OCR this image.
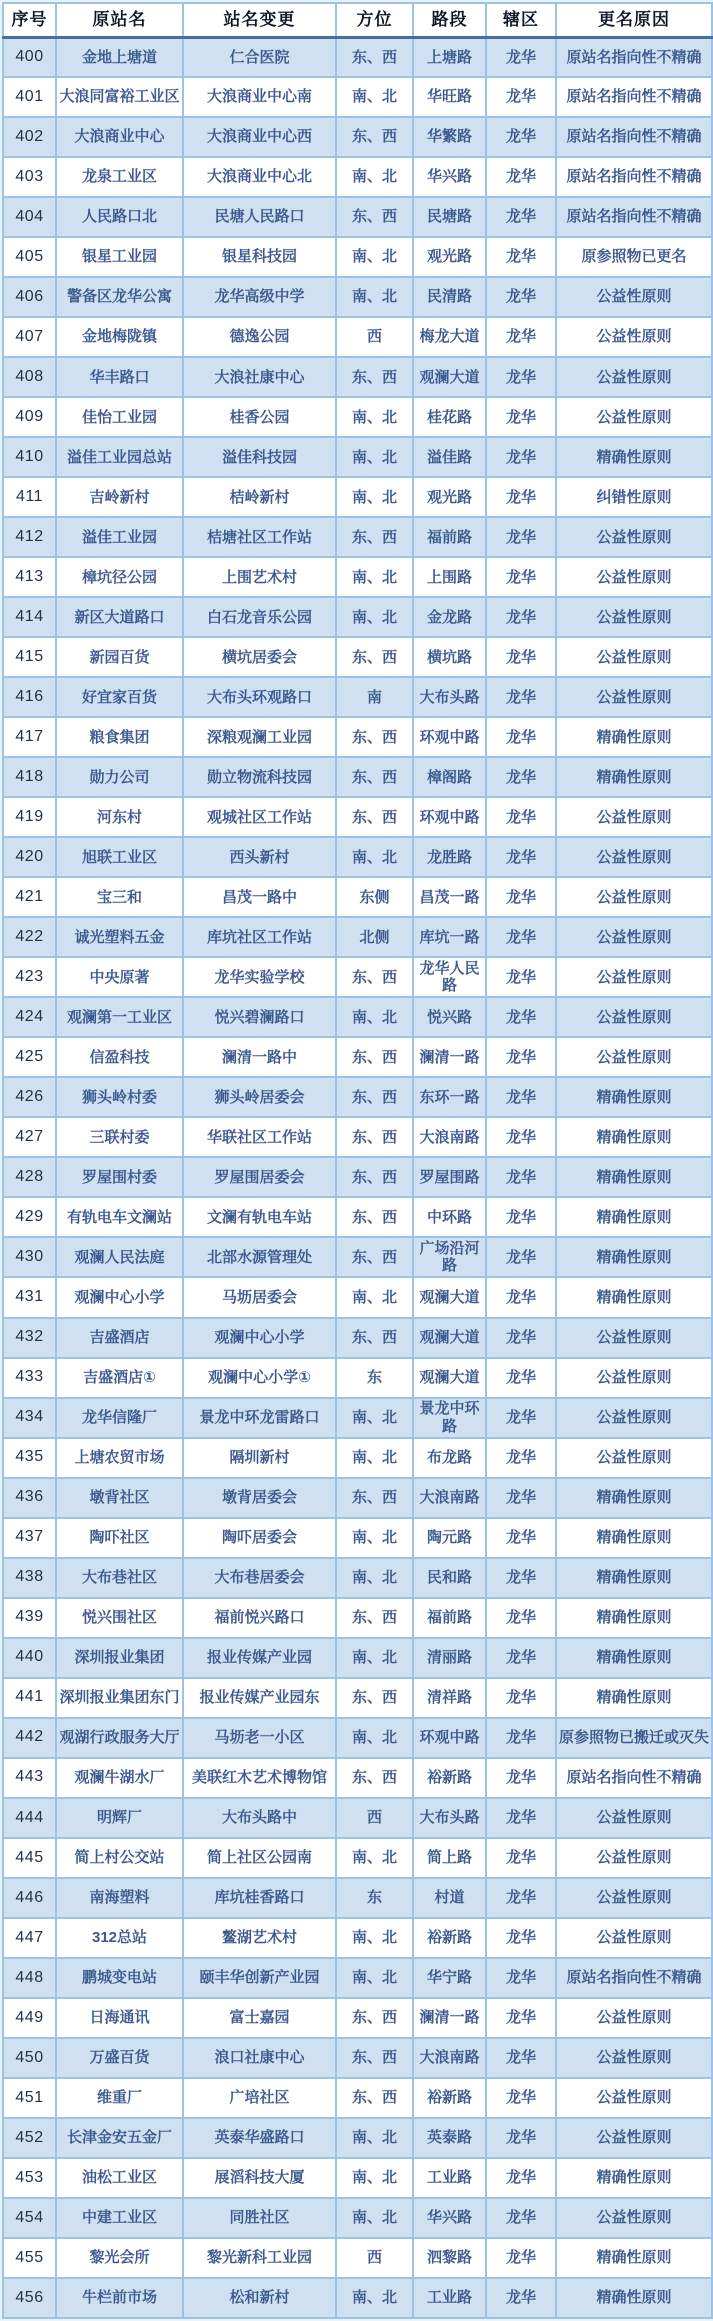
序号	原站名	站名变更	方位	路段	辖区	更名原因
400	金地上塘道	仁合医院	东、西	上塘路	龙华	原站名指向性不精确
401	大浪同富裕工业区	大浪商业中心南	南、北	华旺路	龙华	原站名指向性不精确
402	大浪商业中心	大浪商业中心西	东、西	华繁路	龙华	原站名指向性不精确
403	龙泉工业区	大浪商业中心北	南、北	华兴路	龙华	原站名指向性不精确
404	人民路口北	民塘人民路口	东、西	民塘路	龙华	原站名指向性不精确
405	银星工业园	银星科技园	南、北	观光路	龙华	原参照物已更名
406	警备区龙华公寓	龙华高级中学	南、北	民清路	龙华	公益性原则
407	金地梅陇镇	德逸公园	西	梅龙大道	龙华	公益性原则
408	华丰路口	大浪社康中心	东、西	观澜大道	龙华	公益性原则
409	佳怡工业园	桂香公园	南、北	桂花路	龙华	公益性原则
410	溢佳工业园总站	溢佳科技园	南、北	溢佳路	龙华	精确性原则
411	吉岭新村	桔岭新村	南、北	观光路	龙华	纠错性原则
412	溢佳工业园	桔塘社区工作站	东、西	福前路	龙华	公益性原则
413	樟坑径公园	上围艺术村	南、北	上围路	龙华	公益性原则
414	新区大道路口	白石龙音乐公园	南、北	金龙路	龙华	公益性原则
415	新园百货	横坑居委会	东、西	横坑路	龙华	公益性原则
416	好宜家百货	大布头环观路口	南	大布头路	龙华	公益性原则
417	粮食集团	深粮观澜工业园	东、西	环观中路	龙华	精确性原则
418	勋力公司	勋立物流科技园	东、西	樟阁路	龙华	精确性原则
419	河东村	观城社区工作站	东、西	环观中路	龙华	公益性原则
420	旭联工业区	西头新村	南、北	龙胜路	龙华	公益性原则
421	宝三和	昌茂一路中	东侧	昌茂一路	龙华	公益性原则
422	诚光塑料五金	库坑社区工作站	北侧	库坑一路	龙华	公益性原则
423	中央原著	龙华实验学校	东、西	龙华人民路	龙华	公益性原则
424	观澜第一工业区	悦兴碧澜路口	南、北	悦兴路	龙华	公益性原则
425	信盈科技	澜清一路中	东、西	澜清一路	龙华	公益性原则
426	狮头岭村委	狮头岭居委会	东、西	东环一路	龙华	精确性原则
427	三联村委	华联社区工作站	东、西	大浪南路	龙华	精确性原则
428	罗屋围村委	罗屋围居委会	东、西	罗屋围路	龙华	精确性原则
429	有轨电车文澜站	文澜有轨电车站	东、西	中环路	龙华	精确性原则
430	观澜人民法庭	北部水源管理处	东、西	广场沿河路	龙华	精确性原则
431	观澜中心小学	马坜居委会	南、北	观澜大道	龙华	精确性原则
432	吉盛酒店	观澜中心小学	东、西	观澜大道	龙华	公益性原则
433	吉盛酒店①	观澜中心小学①	东	观澜大道	龙华	公益性原则
434	龙华信隆厂	景龙中环龙雷路口	南、北	景龙中环路	龙华	公益性原则
435	上塘农贸市场	隔圳新村	南、北	布龙路	龙华	公益性原则
436	墩背社区	墩背居委会	东、西	大浪南路	龙华	精确性原则
437	陶吓社区	陶吓居委会	南、北	陶元路	龙华	精确性原则
438	大布巷社区	大布巷居委会	南、北	民和路	龙华	精确性原则
439	悦兴围社区	福前悦兴路口	东、西	福前路	龙华	精确性原则
440	深圳报业集团	报业传媒产业园	南、北	清丽路	龙华	精确性原则
441	深圳报业集团东门	报业传媒产业园东	东、西	清祥路	龙华	精确性原则
442	观湖行政服务大厅	马坜老一小区	南、北	环观中路	龙华	原参照物已搬迁或灭失
443	观澜牛湖水厂	美联红木艺术博物馆	东、西	裕新路	龙华	原站名指向性不精确
444	明辉厂	大布头路中	西	大布头路	龙华	公益性原则
445	简上村公交站	简上社区公园南	南、北	简上路	龙华	公益性原则
446	南海塑料	库坑桂香路口	东	村道	龙华	公益性原则
447	312总站	鳌湖艺术村	南、北	裕新路	龙华	公益性原则
448	鹏城变电站	颐丰华创新产业园	南、北	华宁路	龙华	原站名指向性不精确
449	日海通讯	富士嘉园	东、西	澜清一路	龙华	公益性原则
450	万盛百货	浪口社康中心	东、西	大浪南路	龙华	公益性原则
451	维重厂	广培社区	东、西	裕新路	龙华	公益性原则
452	长津金安五金厂	英泰华盛路口	南、北	英泰路	龙华	公益性原则
453	油松工业区	展滔科技大厦	南、北	工业路	龙华	精确性原则
454	中建工业区	同胜社区	南、北	华兴路	龙华	公益性原则
455	黎光会所	黎光新科工业园	西	泗黎路	龙华	精确性原则
456	牛栏前市场	松和新村	南、北	工业路	龙华	精确性原则
